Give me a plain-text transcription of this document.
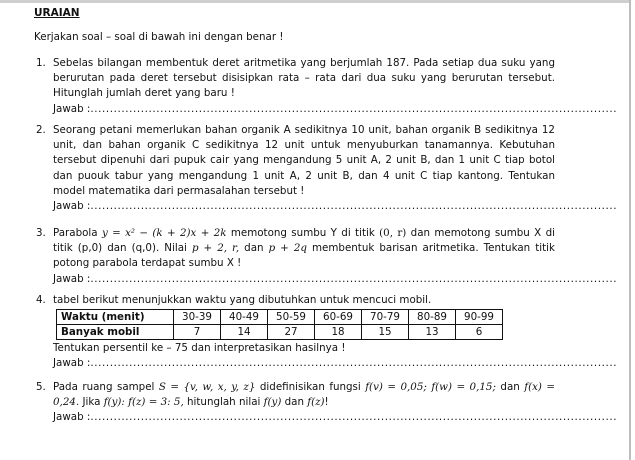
URAIAN
Kerjakan soal – soal di bawah ini dengan benar !
1. Sebelas bilangan membentuk deret aritmetika yang berjumlah 187. Pada setiap dua suku yang berurutan pada deret tersebut disisipkan rata – rata dari dua suku yang berurutan tersebut. Hitunglah jumlah deret yang baru !
Jawab : ........................................................................................................................................
2. Seorang petani memerlukan bahan organik A sedikitnya 10 unit, bahan organik B sedikitnya 12 unit, dan bahan organik C sedikitnya 12 unit untuk menyuburkan tanamannya. Kebutuhan tersebut dipenuhi dari pupuk cair yang mengandung 5 unit A, 2 unit B, dan 1 unit C tiap botol dan puouk tabur yang mengandung 1 unit A, 2 unit B, dan 4 unit C tiap kantong. Tentukan model matematika dari permasalahan tersebut !
Jawab : ........................................................................................................................................
3. Parabola y = x² − (k + 2)x + 2k memotong sumbu Y di titik (0, r) dan memotong sumbu X di titik (p,0) dan (q,0). Nilai p + 2, r, dan p + 2q membentuk barisan aritmetika. Tentukan titik potong parabola terdapat sumbu X !
Jawab : ........................................................................................................................................
4. tabel berikut menunjukkan waktu yang dibutuhkan untuk mencuci mobil.
Waktu (menit)	30-39	40-49	50-59	60-69	70-79	80-89	90-99
Banyak mobil	7	14	27	18	15	13	6
Tentukan persentil ke – 75 dan interpretasikan hasilnya !
Jawab : ........................................................................................................................................
5. Pada ruang sampel S = {v, w, x, y, z} didefinisikan fungsi f(v) = 0,05; f(w) = 0,15; dan f(x) = 0,24. Jika f(y): f(z) = 3: 5, hitunglah nilai f(y) dan f(z)!
Jawab : ........................................................................................................................................
